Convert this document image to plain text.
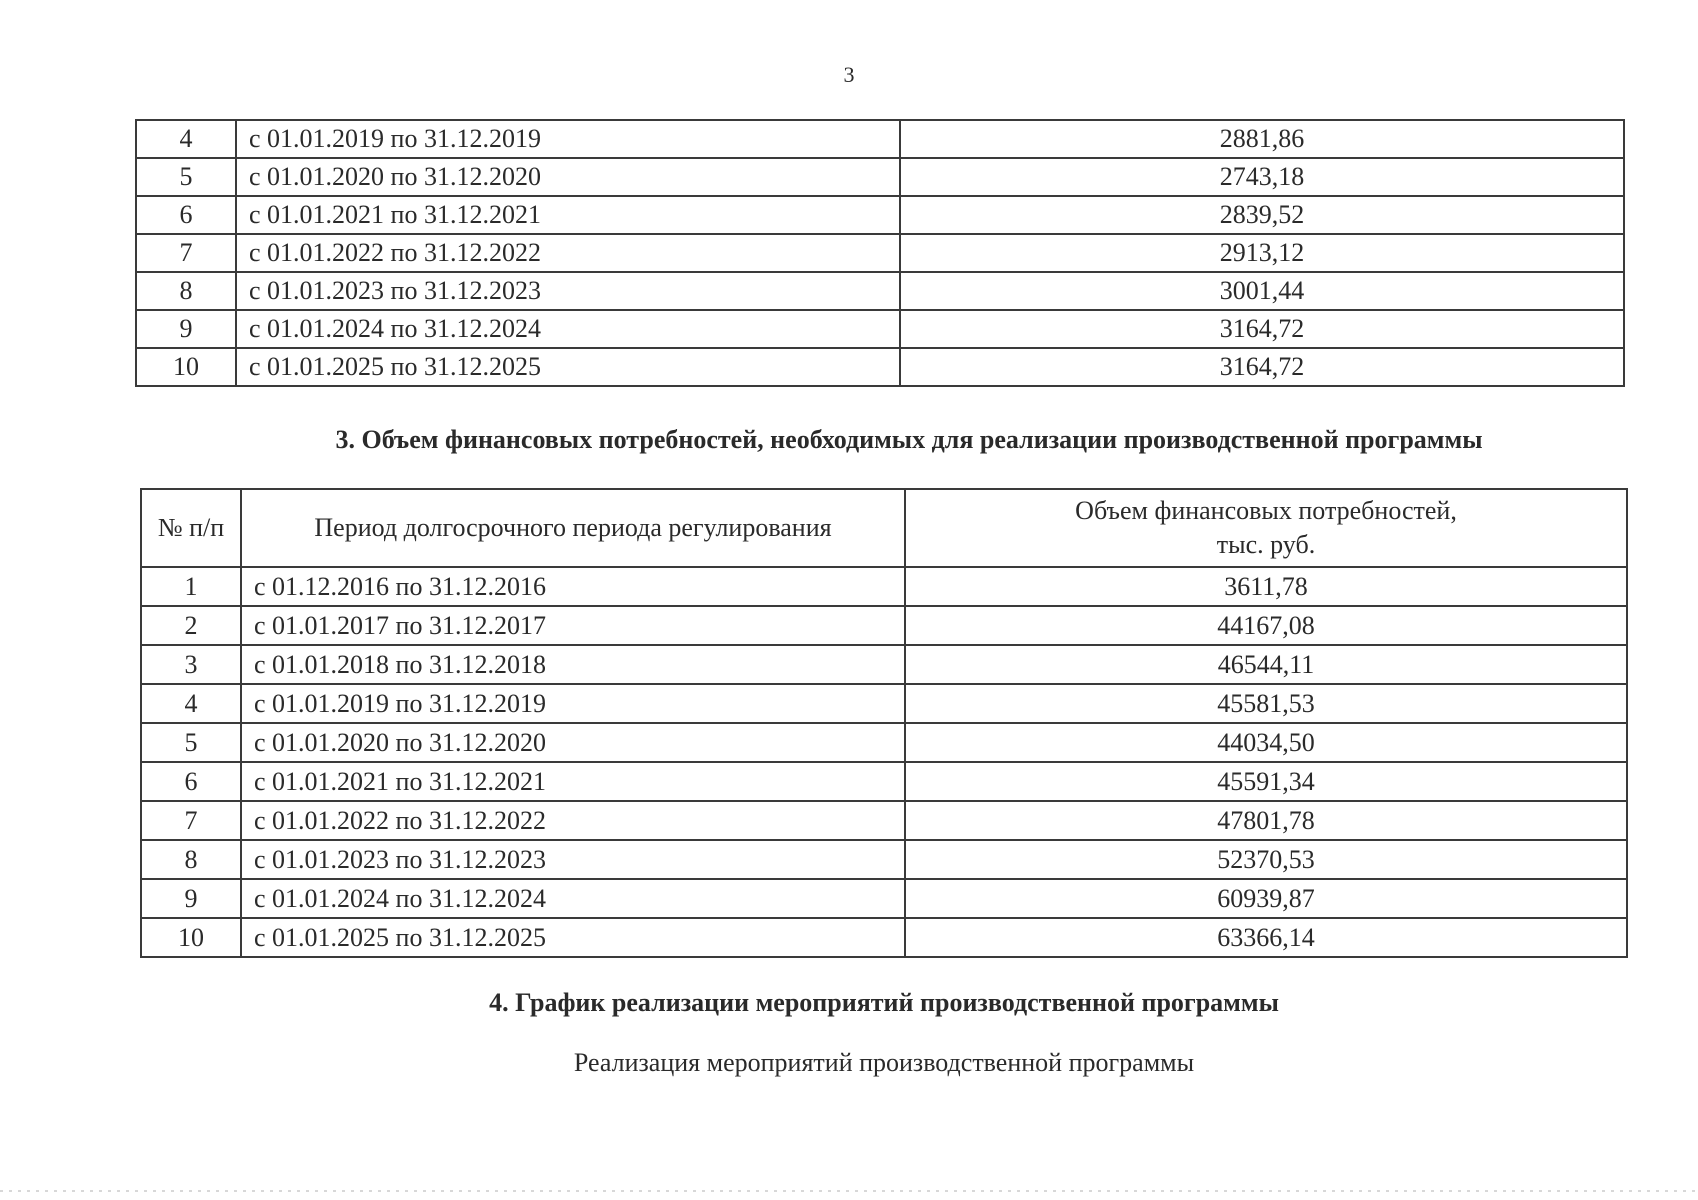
3
4	с 01.01.2019 по 31.12.2019	2881,86
5	с 01.01.2020 по 31.12.2020	2743,18
6	с 01.01.2021 по 31.12.2021	2839,52
7	с 01.01.2022 по 31.12.2022	2913,12
8	с 01.01.2023 по 31.12.2023	3001,44
9	с 01.01.2024 по 31.12.2024	3164,72
10	с 01.01.2025 по 31.12.2025	3164,72
3. Объем финансовых потребностей, необходимых для реализации производственной программы
№ п/п	Период долгосрочного периода регулирования	Объем финансовых потребностей,
тыс. руб.

1	с 01.12.2016 по 31.12.2016	3611,78
2	с 01.01.2017 по 31.12.2017	44167,08
3	с 01.01.2018 по 31.12.2018	46544,11
4	с 01.01.2019 по 31.12.2019	45581,53
5	с 01.01.2020 по 31.12.2020	44034,50
6	с 01.01.2021 по 31.12.2021	45591,34
7	с 01.01.2022 по 31.12.2022	47801,78
8	с 01.01.2023 по 31.12.2023	52370,53
9	с 01.01.2024 по 31.12.2024	60939,87
10	с 01.01.2025 по 31.12.2025	63366,14
4. График реализации мероприятий производственной программы
Реализация мероприятий производственной программы
